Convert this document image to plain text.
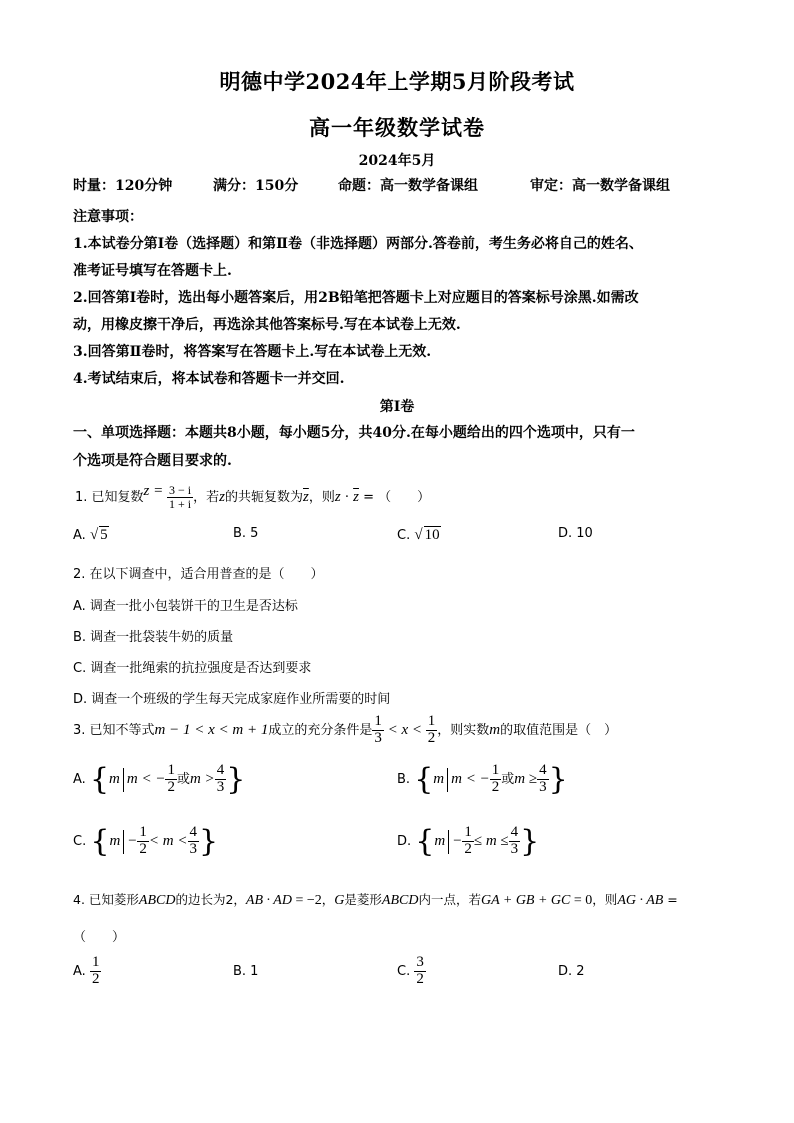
明德中学2024年上学期5月阶段考试
高一年级数学试卷
2024年5月
时量：120分钟	满分：150分	命题：高一数学备课组	审定：高一数学备课组
注意事项：
1.本试卷分第Ⅰ卷（选择题）和第Ⅱ卷（非选择题）两部分.答卷前，考生务必将自己的姓名、
准考证号填写在答题卡上.
2.回答第Ⅰ卷时，选出每小题答案后，用2B铅笔把答题卡上对应题目的答案标号涂黑.如需改
动，用橡皮擦干净后，再选涂其他答案标号.写在本试卷上无效.
3.回答第Ⅱ卷时，将答案写在答题卡上.写在本试卷上无效.
4.考试结束后，将本试卷和答题卡一并交回.
第Ⅰ卷
一、单项选择题：本题共8小题，每小题5分，共40分.在每小题给出的四个选项中，只有一
个选项是符合题目要求的.
1. 已知复数$z = \frac{3 - i}{1 + i}$ ，若z的共轭复数为$\overline{z}$，则$z \cdot \overline{z}$ = （　　）
A. √ 5	B. 5	C. √ 10	D. 10
2. 在以下调查中，适合用普查的是（　　）
A. 调查一批小包装饼干的卫生是否达标
B. 调查一批袋装牛奶的质量
C. 调查一批绳索的抗拉强度是否达到要求
D. 调查一个班级的学生每天完成家庭作业所需要的时间
3. 已知不等式m − 1 < x < m + 1成立的充分条件是 $\frac{1}{3} < x < \frac{1}{2}$ ，则实数m的取值范围是（　）
A. {m m < − $\frac{1}{2}$ 或$m > \frac{4}{3}$ }	B. {m m < − $\frac{1}{2}$ 或$m \ge \frac{4}{3}$ }
C. {$m - \frac{1}{2} < m < \frac{4}{3}$ }	D. {$m - \frac{1}{2} \le m \le \frac{4}{3}$ }
4. 已知菱形ABCD的边长为2，AB · AD = −2，G是菱形ABCD内一点，若GA + GB + GC = 0，则AG · AB =
（　　）
A. $\frac{1}{2}$	B. 1	C. $\frac{3}{2}$	D. 2
